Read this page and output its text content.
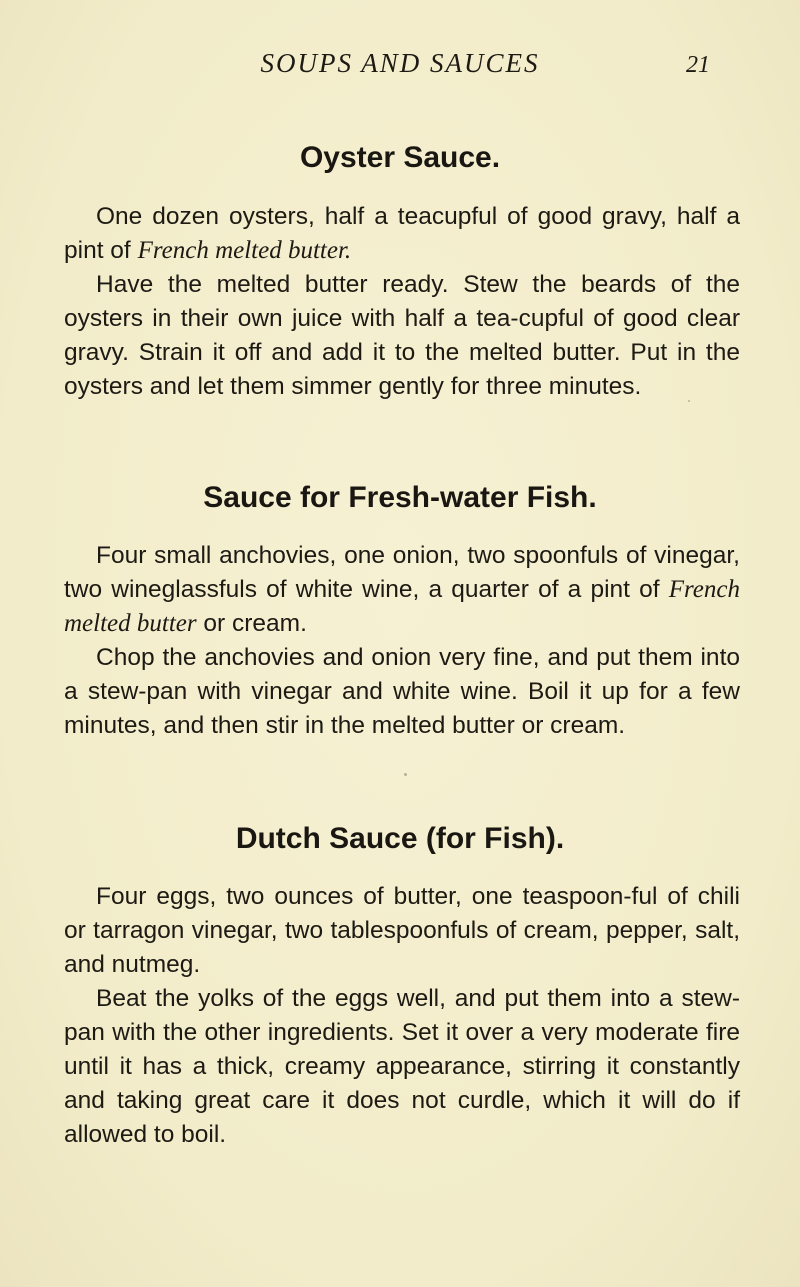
SOUPS AND SAUCES	21
Oyster Sauce.

One dozen oysters, half a teacupful of good gravy, half a pint of French melted butter.

Have the melted butter ready. Stew the beards of the oysters in their own juice with half a tea-cupful of good clear gravy. Strain it off and add it to the melted butter. Put in the oysters and let them simmer gently for three minutes.

Sauce for Fresh-water Fish.

Four small anchovies, one onion, two spoonfuls of vinegar, two wineglassfuls of white wine, a quarter of a pint of French melted butter or cream.

Chop the anchovies and onion very fine, and put them into a stew-pan with vinegar and white wine. Boil it up for a few minutes, and then stir in the melted butter or cream.

Dutch Sauce (for Fish).

Four eggs, two ounces of butter, one teaspoon-ful of chili or tarragon vinegar, two tablespoonfuls of cream, pepper, salt, and nutmeg.

Beat the yolks of the eggs well, and put them into a stew-pan with the other ingredients. Set it over a very moderate fire until it has a thick, creamy appearance, stirring it constantly and taking great care it does not curdle, which it will do if allowed to boil.
